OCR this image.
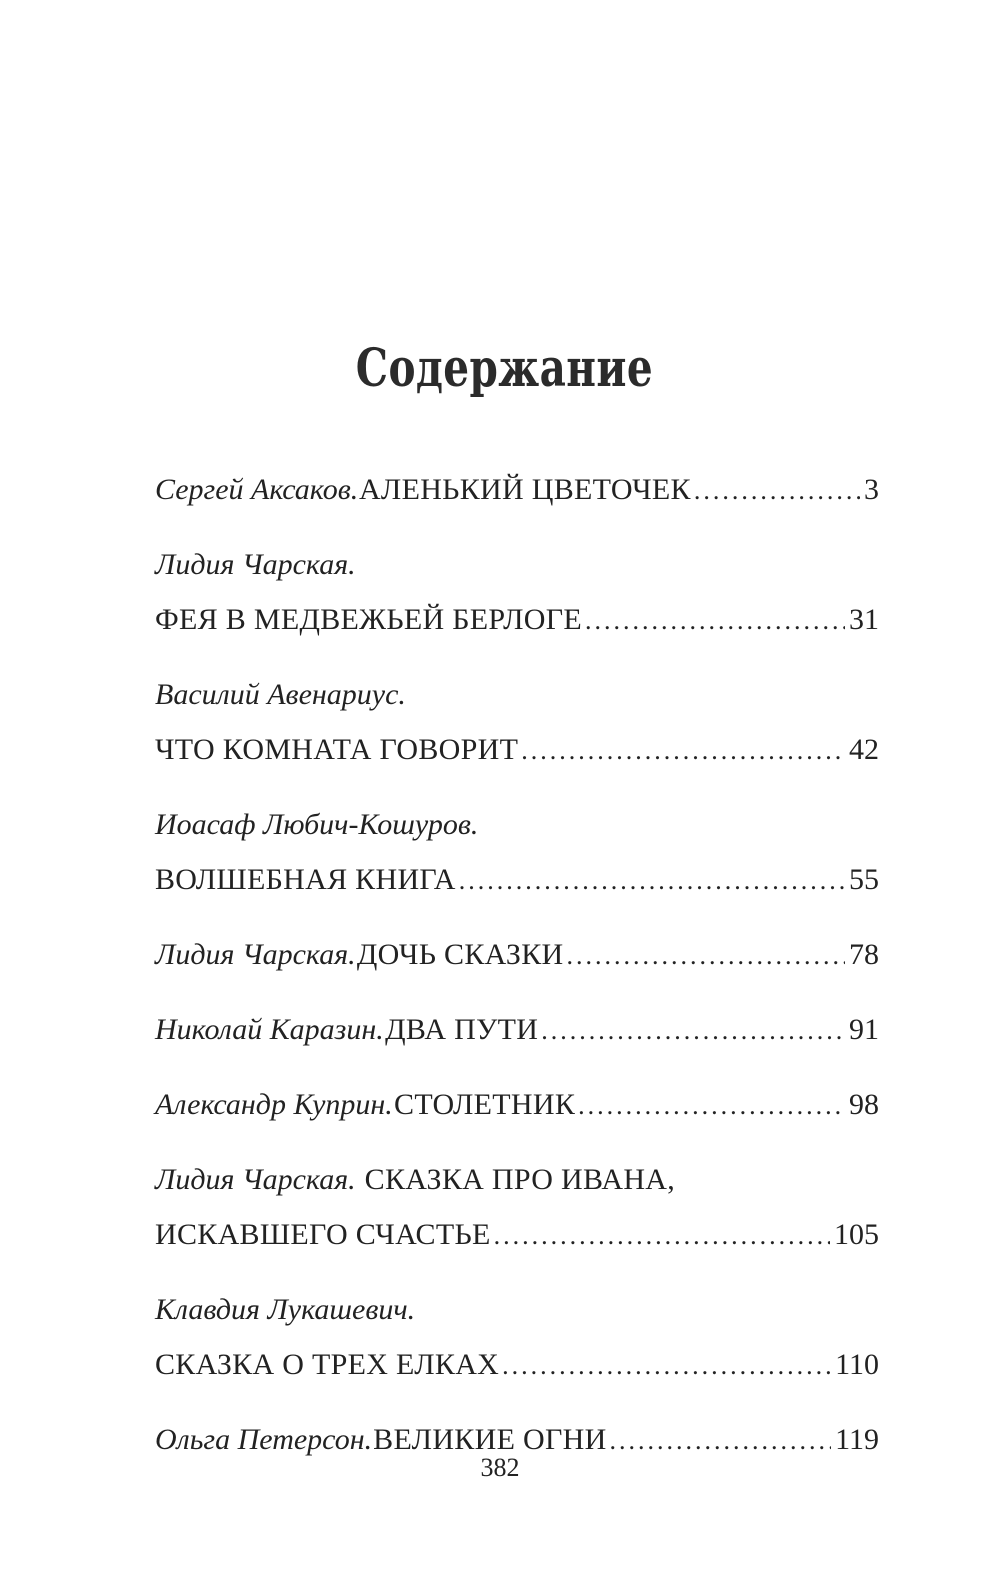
Содержание
Сергей Аксаков. АЛЕНЬКИЙ ЦВЕТОЧЕК .....	3
Лидия Чарская.
ФЕЯ В МЕДВЕЖЬЕЙ БЕРЛОГЕ .....	31
Василий Авенариус.
ЧТО КОМНАТА ГОВОРИТ .....	42
Иоасаф Любич-Кошуров.
ВОЛШЕБНАЯ КНИГА .....	55
Лидия Чарская. ДОЧЬ СКАЗКИ .....	78
Николай Каразин. ДВА ПУТИ .....	91
Александр Куприн. СТОЛЕТНИК .....	98
Лидия Чарская. СКАЗКА ПРО ИВАНА,
ИСКАВШЕГО СЧАСТЬЕ .....	105
Клавдия Лукашевич.
СКАЗКА О ТРЕХ ЕЛКАХ .....	110
Ольга Петерсон. ВЕЛИКИЕ ОГНИ .....	119
382
